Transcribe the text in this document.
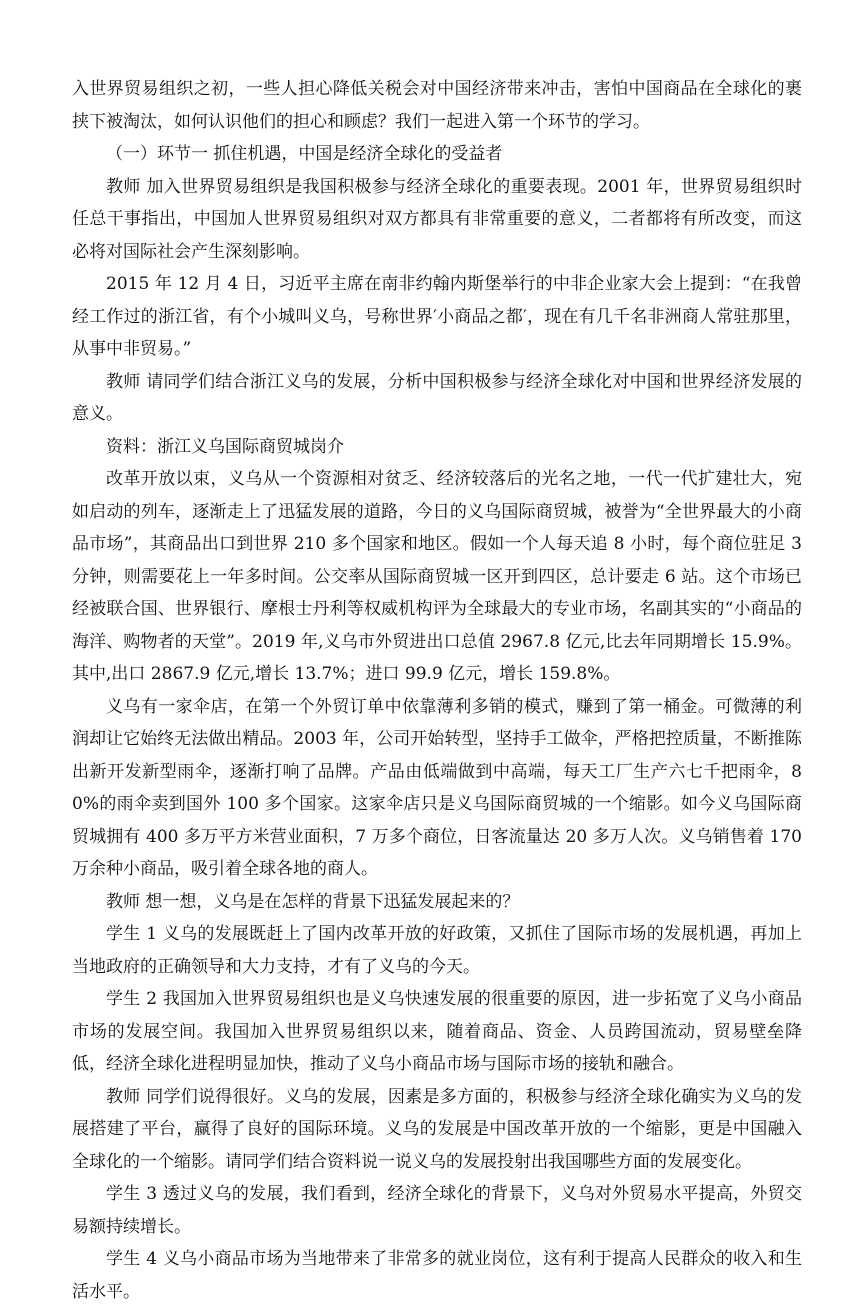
入世界贸易组织之初，一些人担心降低关税会对中国经济带来冲击，害怕中国商品在全球化的裹挟下被淘汰，如何认识他们的担心和顾虑？我们一起进入第一个环节的学习。

（一）环节一 抓住机遇，中国是经济全球化的受益者

教师 加入世界贸易组织是我国积极参与经济全球化的重要表现。2001 年，世界贸易组织时任总干事指出，中国加人世界贸易组织对双方都具有非常重要的意义，二者都将有所改变，而这必将对国际社会产生深刻影响。

2015 年 12 月 4 日，习近平主席在南非约翰内斯堡举行的中非企业家大会上提到：“在我曾经工作过的浙江省，有个小城叫义乌，号称世界′小商品之都′，现在有几千名非洲商人常驻那里，从事中非贸易。”

教师 请同学们结合浙江义乌的发展，分析中国积极参与经济全球化对中国和世界经济发展的意义。

资料：浙江义乌国际商贸城岗介

改革开放以束，义乌从一个资源相对贫乏、经济较落后的光名之地，一代一代扩建壮大，宛如启动的列车，逐渐走上了迅猛发展的道路，今日的义乌国际商贸城，被誉为“全世界最大的小商品市场”，其商品出口到世界 210 多个国家和地区。假如一个人每天追 8 小时，每个商位驻足 3 分钟，则需要花上一年多时间。公交率从国际商贸城一区开到四区，总计要走 6 站。这个市场已经被联合国、世界银行、摩根士丹利等权威机构评为全球最大的专业市场，名副其实的“小商品的海洋、购物者的天堂”。2019 年,义乌市外贸进出口总值 2967.8 亿元,比去年同期增长 15.9%。其中,出口 2867.9 亿元,增长 13.7%；进口 99.9 亿元，增长 159.8%。

义乌有一家伞店，在第一个外贸订单中依靠薄利多销的模式，赚到了第一桶金。可微薄的利润却让它始终无法做出精品。2003 年，公司开始转型，坚持手工做伞，严格把控质量，不断推陈出新开发新型雨伞，逐渐打响了品牌。产品由低端做到中高端，每天工厂生产六七千把雨伞，80%的雨伞卖到国外 100 多个国家。这家伞店只是义乌国际商贸城的一个缩影。如今义乌国际商贸城拥有 400 多万平方米营业面积，7 万多个商位，日客流量达 20 多万人次。义乌销售着 170 万余种小商品，吸引着全球各地的商人。

教师 想一想，义乌是在怎样的背景下迅猛发展起来的？

学生 1 义乌的发展既赶上了国内改革开放的好政策，又抓住了国际市场的发展机遇，再加上当地政府的正确领导和大力支持，才有了义乌的今天。

学生 2 我国加入世界贸易组织也是义乌快速发展的很重要的原因，进一步拓宽了义乌小商品市场的发展空间。我国加入世界贸易组织以来，随着商品、资金、人员跨国流动，贸易壁垒降低，经济全球化进程明显加快，推动了义乌小商品市场与国际市场的接轨和融合。

教师 同学们说得很好。义乌的发展，因素是多方面的，积极参与经济全球化确实为义乌的发展搭建了平台，赢得了良好的国际环境。义乌的发展是中国改革开放的一个缩影，更是中国融入全球化的一个缩影。请同学们结合资料说一说义乌的发展投射出我国哪些方面的发展变化。

学生 3 透过义乌的发展，我们看到，经济全球化的背景下，义乌对外贸易水平提高，外贸交易额持续增长。

学生 4 义乌小商品市场为当地带来了非常多的就业岗位，这有利于提高人民群众的收入和生活水平。
